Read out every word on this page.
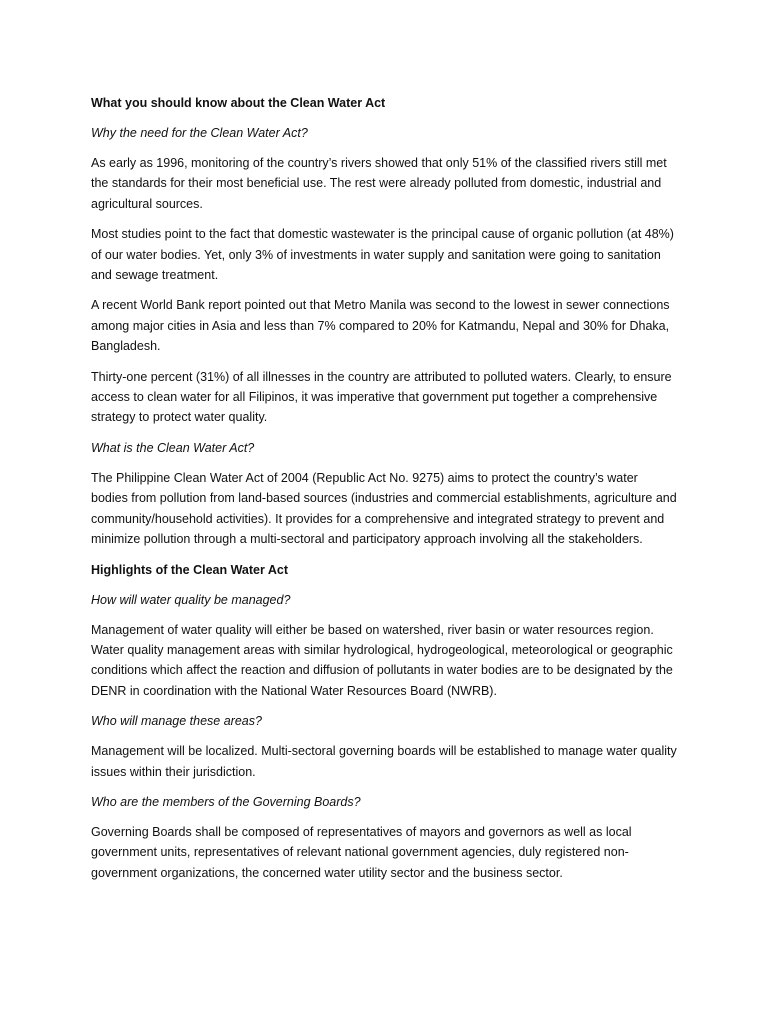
What you should know about the Clean Water Act
Why the need for the Clean Water Act?
As early as 1996, monitoring of the country’s rivers showed that only 51% of the classified rivers still met the standards for their most beneficial use. The rest were already polluted from domestic, industrial and agricultural sources.
Most studies point to the fact that domestic wastewater is the principal cause of organic pollution (at 48%) of our water bodies. Yet, only 3% of investments in water supply and sanitation were going to sanitation and sewage treatment.
A recent World Bank report pointed out that Metro Manila was second to the lowest in sewer connections among major cities in Asia and less than 7% compared to 20% for Katmandu, Nepal and 30% for Dhaka, Bangladesh.
Thirty-one percent (31%) of all illnesses in the country are attributed to polluted waters. Clearly, to ensure access to clean water for all Filipinos, it was imperative that government put together a comprehensive strategy to protect water quality.
What is the Clean Water Act?
The Philippine Clean Water Act of 2004 (Republic Act No. 9275) aims to protect the country’s water bodies from pollution from land-based sources (industries and commercial establishments, agriculture and community/household activities). It provides for a comprehensive and integrated strategy to prevent and minimize pollution through a multi-sectoral and participatory approach involving all the stakeholders.
Highlights of the Clean Water Act
How will water quality be managed?
Management of water quality will either be based on watershed, river basin or water resources region. Water quality management areas with similar hydrological, hydrogeological, meteorological or geographic conditions which affect the reaction and diffusion of pollutants in water bodies are to be designated by the DENR in coordination with the National Water Resources Board (NWRB).
Who will manage these areas?
Management will be localized. Multi-sectoral governing boards will be established to manage water quality issues within their jurisdiction.
Who are the members of the Governing Boards?
Governing Boards shall be composed of representatives of mayors and governors as well as local government units, representatives of relevant national government agencies, duly registered non-government organizations, the concerned water utility sector and the business sector.
